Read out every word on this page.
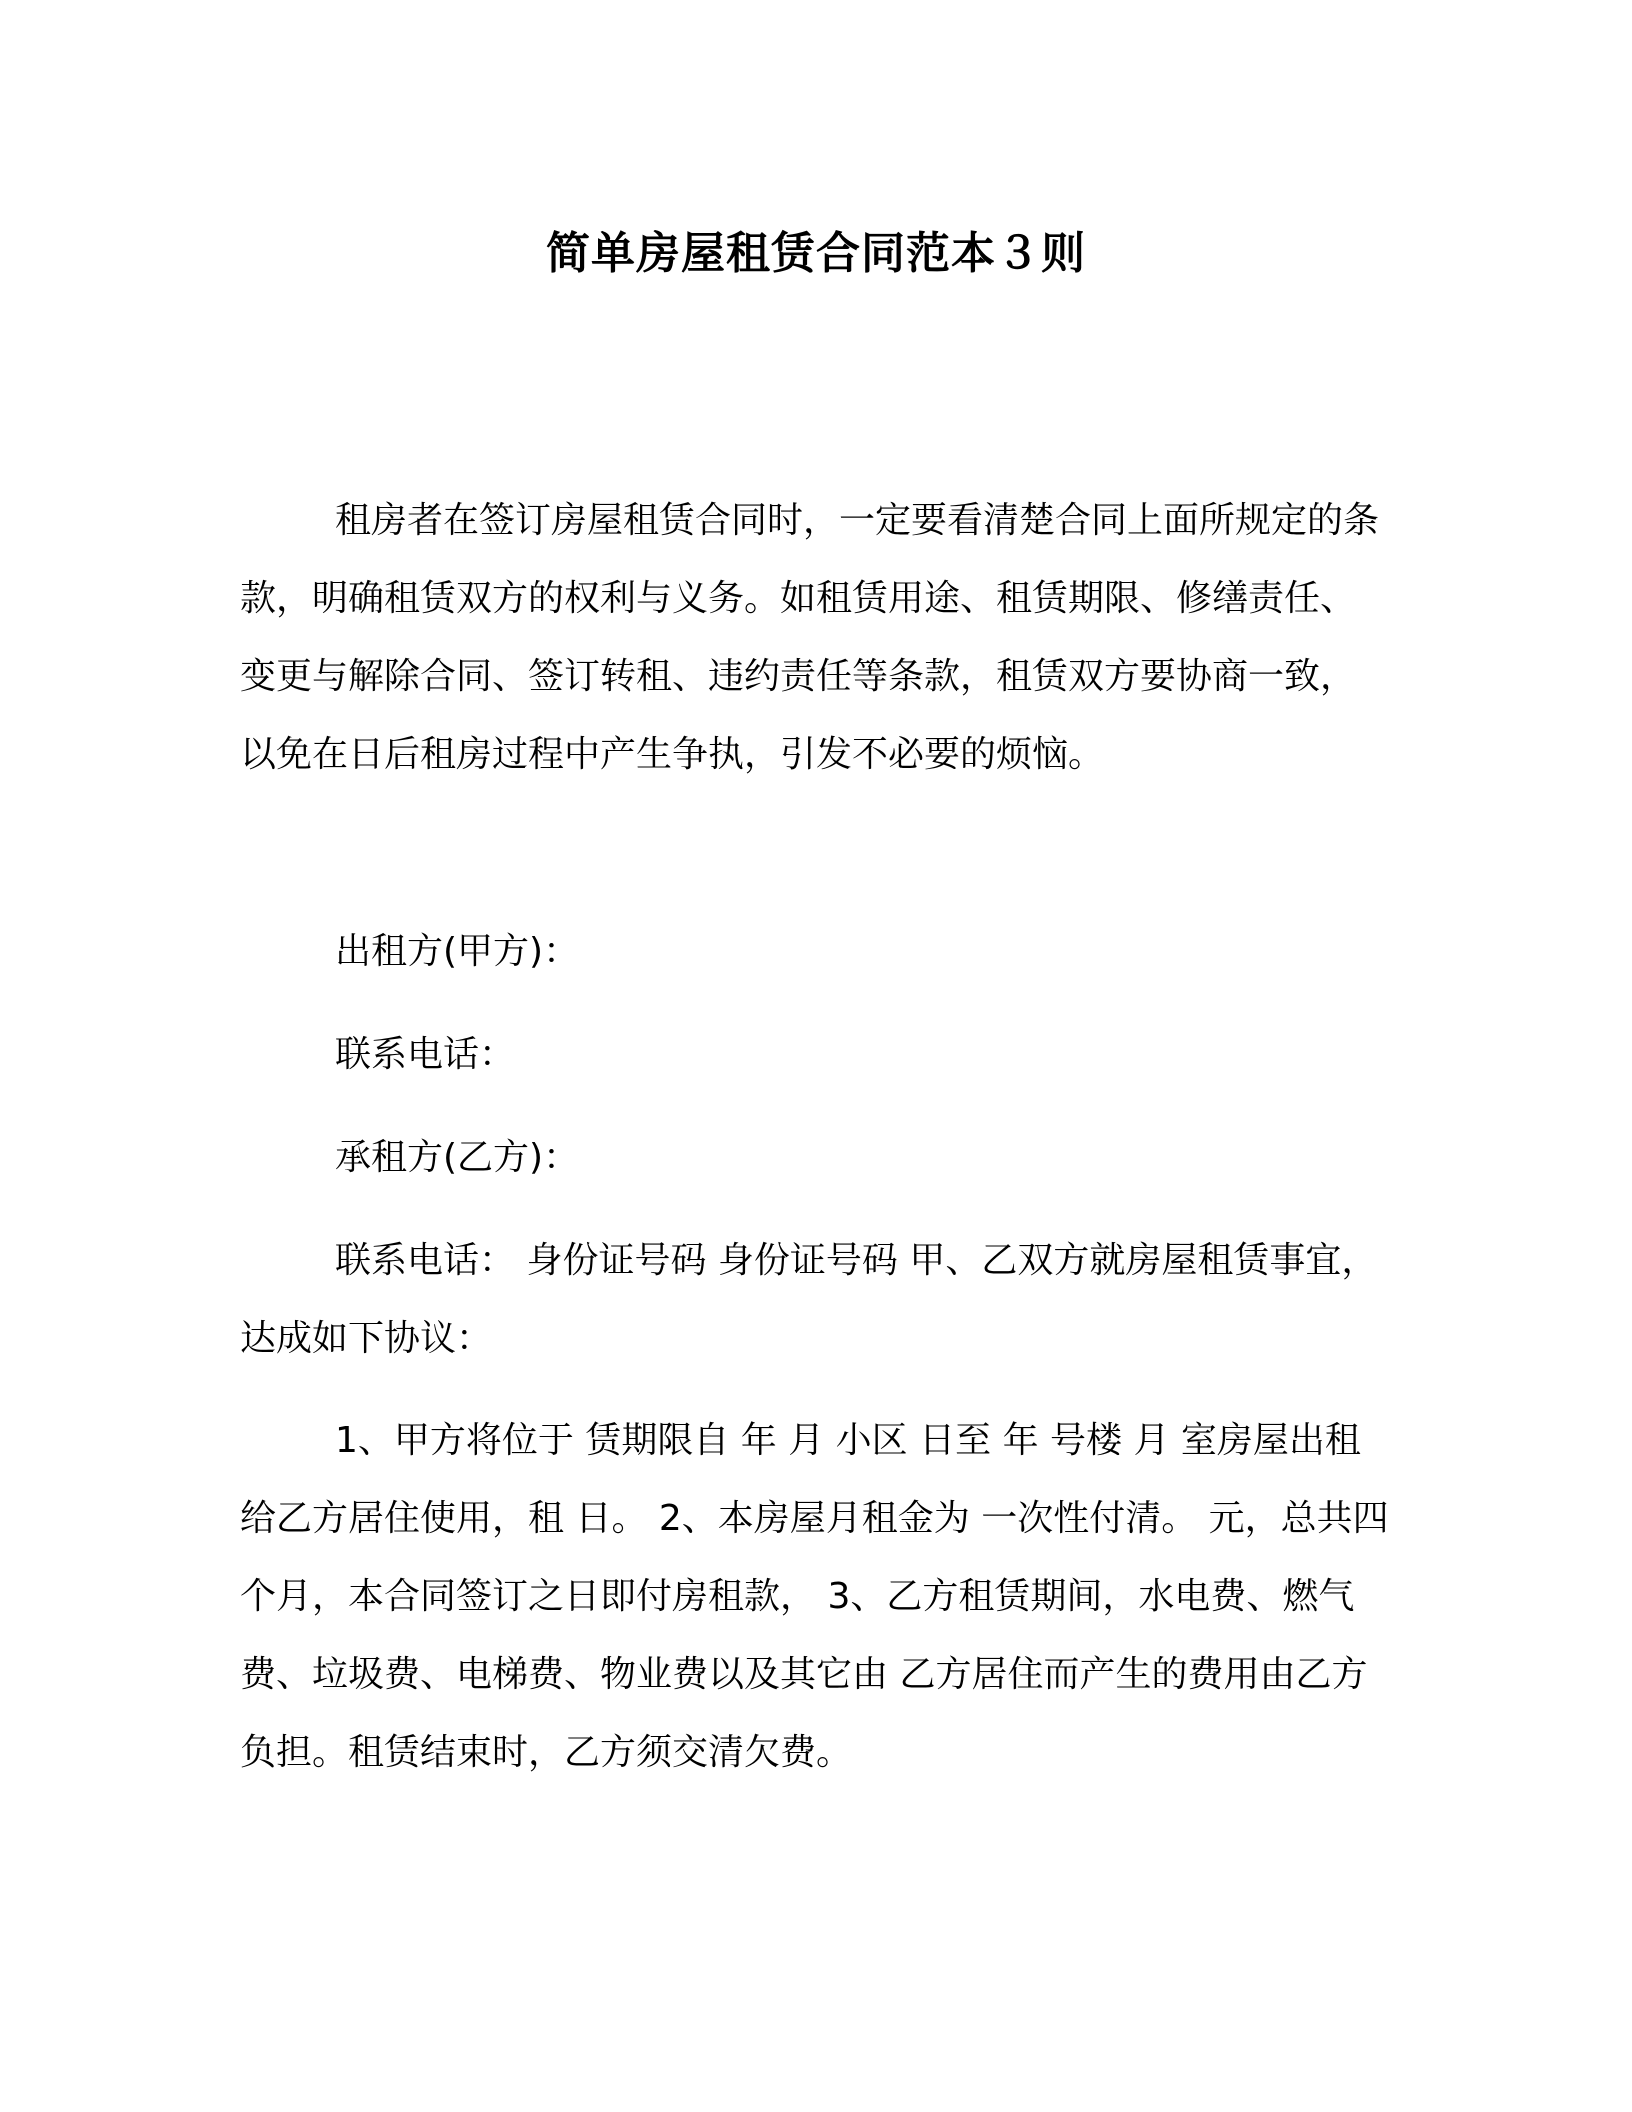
简单房屋租赁合同范本３则
租房者在签订房屋租赁合同时，一定要看清楚合同上面所规定的条款，明确租赁双方的权利与义务。如租赁用途、租赁期限、修缮责任、变更与解除合同、签订转租、违约责任等条款，租赁双方要协商一致，以免在日后租房过程中产生争执，引发不必要的烦恼。
出租方(甲方)：
联系电话：
承租方(乙方)：
联系电话： 身份证号码 身份证号码 甲、乙双方就房屋租赁事宜，达成如下协议：
1、甲方将位于 赁期限自 年 月 小区 日至 年 号楼 月 室房屋出租给乙方居住使用，租 日。 2、本房屋月租金为 一次性付清。 元，总共四个月，本合同签订之日即付房租款， 3、乙方租赁期间，水电费、燃气费、垃圾费、电梯费、物业费以及其它由 乙方居住而产生的费用由乙方负担。租赁结束时，乙方须交清欠费。
